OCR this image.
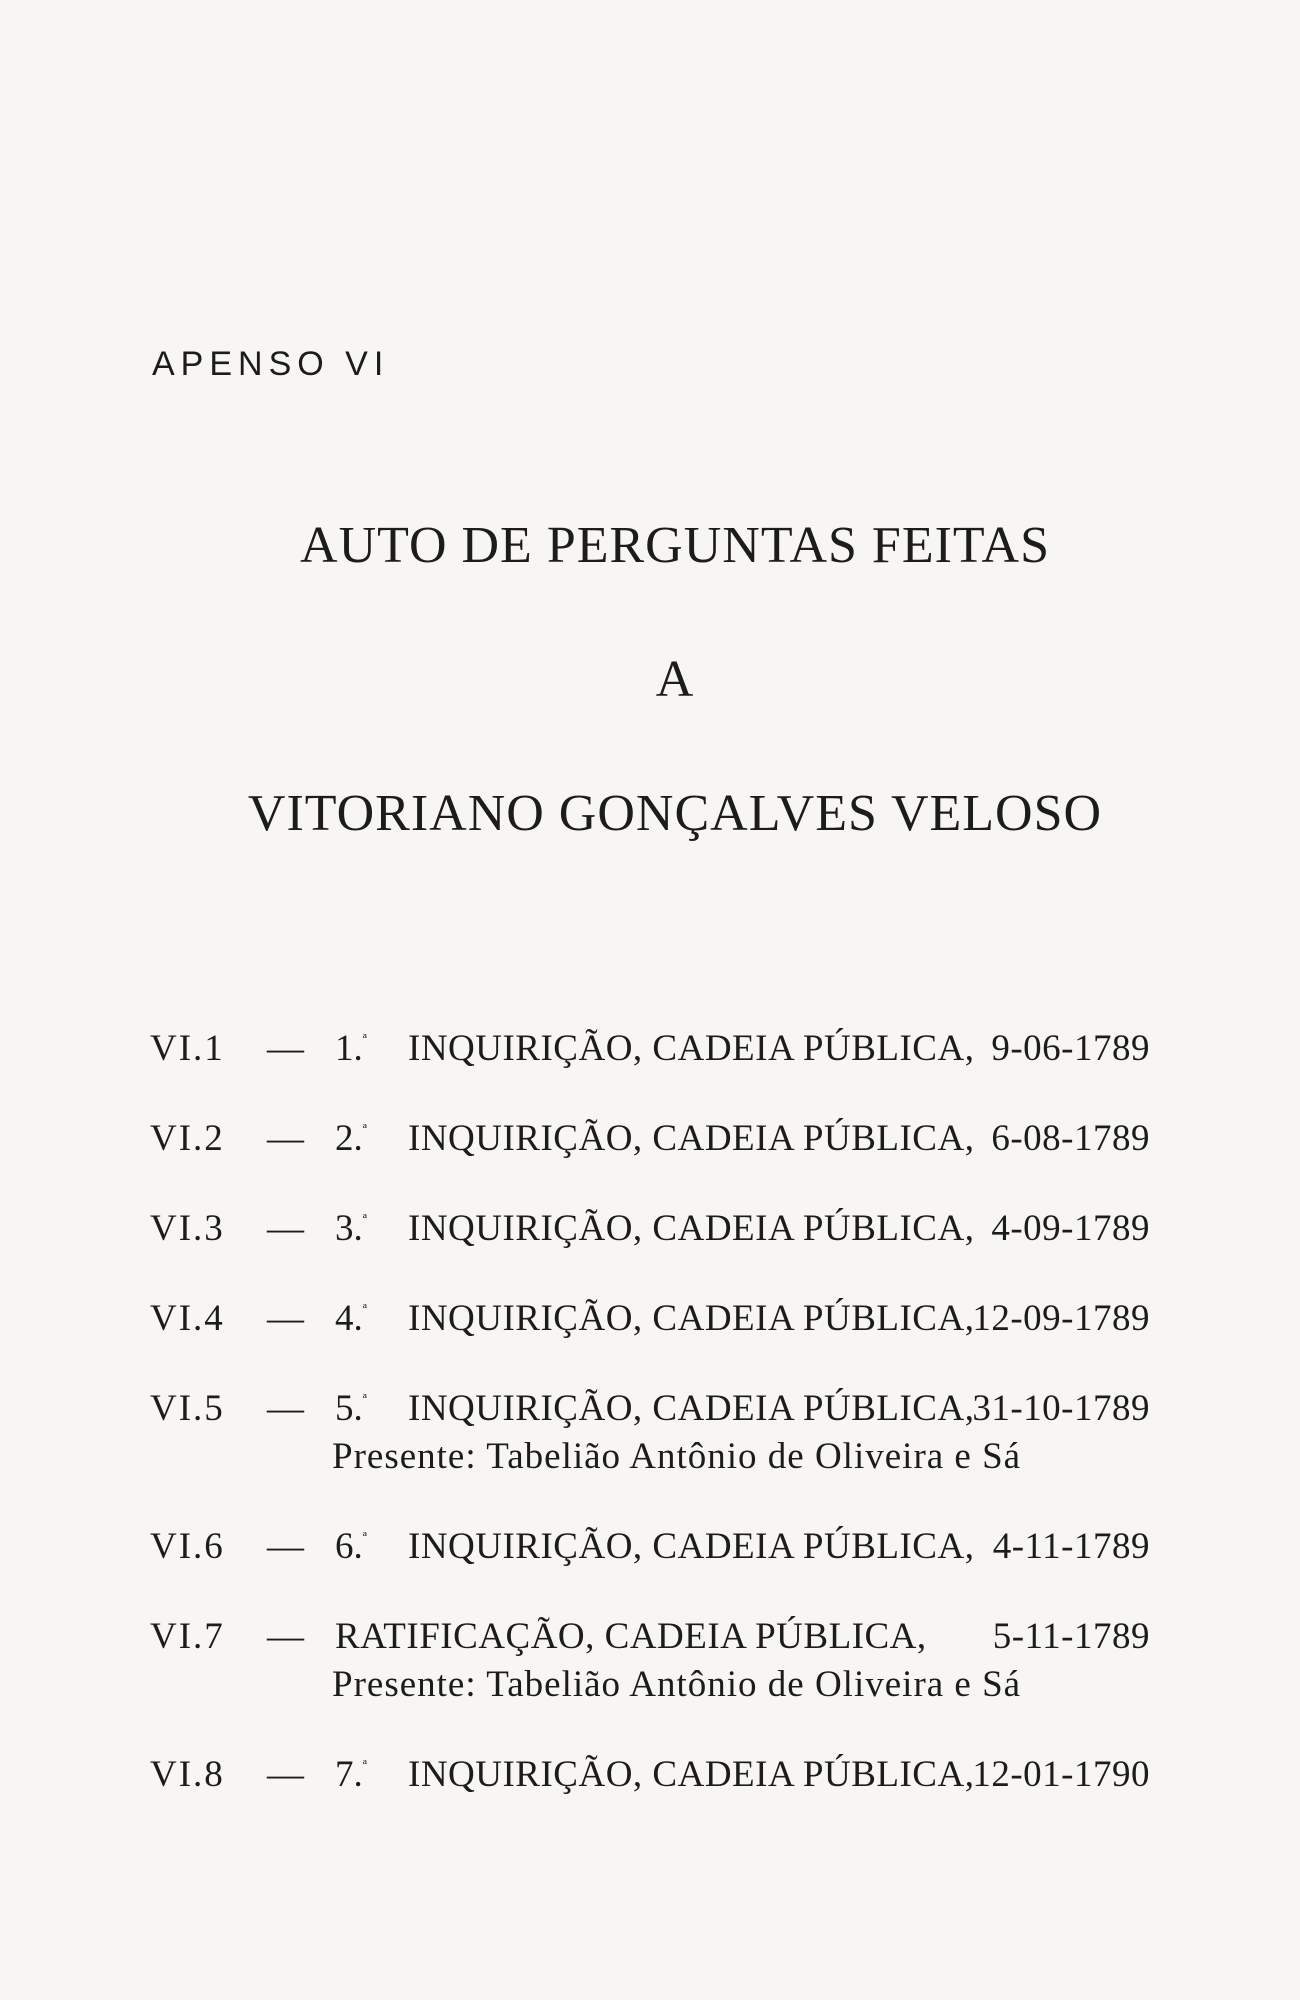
APENSO VI
AUTO DE PERGUNTAS FEITAS
A
VITORIANO GONÇALVES VELOSO
VI.1 — 1.$^ª$ INQUIRIÇÃO, CADEIA PÚBLICA, 9-06-1789
VI.2 — 2.$^ª$ INQUIRIÇÃO, CADEIA PÚBLICA, 6-08-1789
VI.3 — 3.$^ª$ INQUIRIÇÃO, CADEIA PÚBLICA, 4-09-1789
VI.4 — 4.$^ª$ INQUIRIÇÃO, CADEIA PÚBLICA,
12-09-1789
VI.5 — 5.$^ª$ INQUIRIÇÃO, CADEIA PÚBLICA,
31-10-1789
Presente: Tabelião Antônio de Oliveira e Sá
VI.6 — 6.$^ª$ INQUIRIÇÃO, CADEIA PÚBLICA, 4-11-1789
VI.7 — RATIFICAÇÃO, CADEIA PÚBLICA, 5-11-1789
Presente: Tabelião Antônio de Oliveira e Sá
VI.8 — 7.$^ª$ INQUIRIÇÃO, CADEIA PÚBLICA,
12-01-1790
